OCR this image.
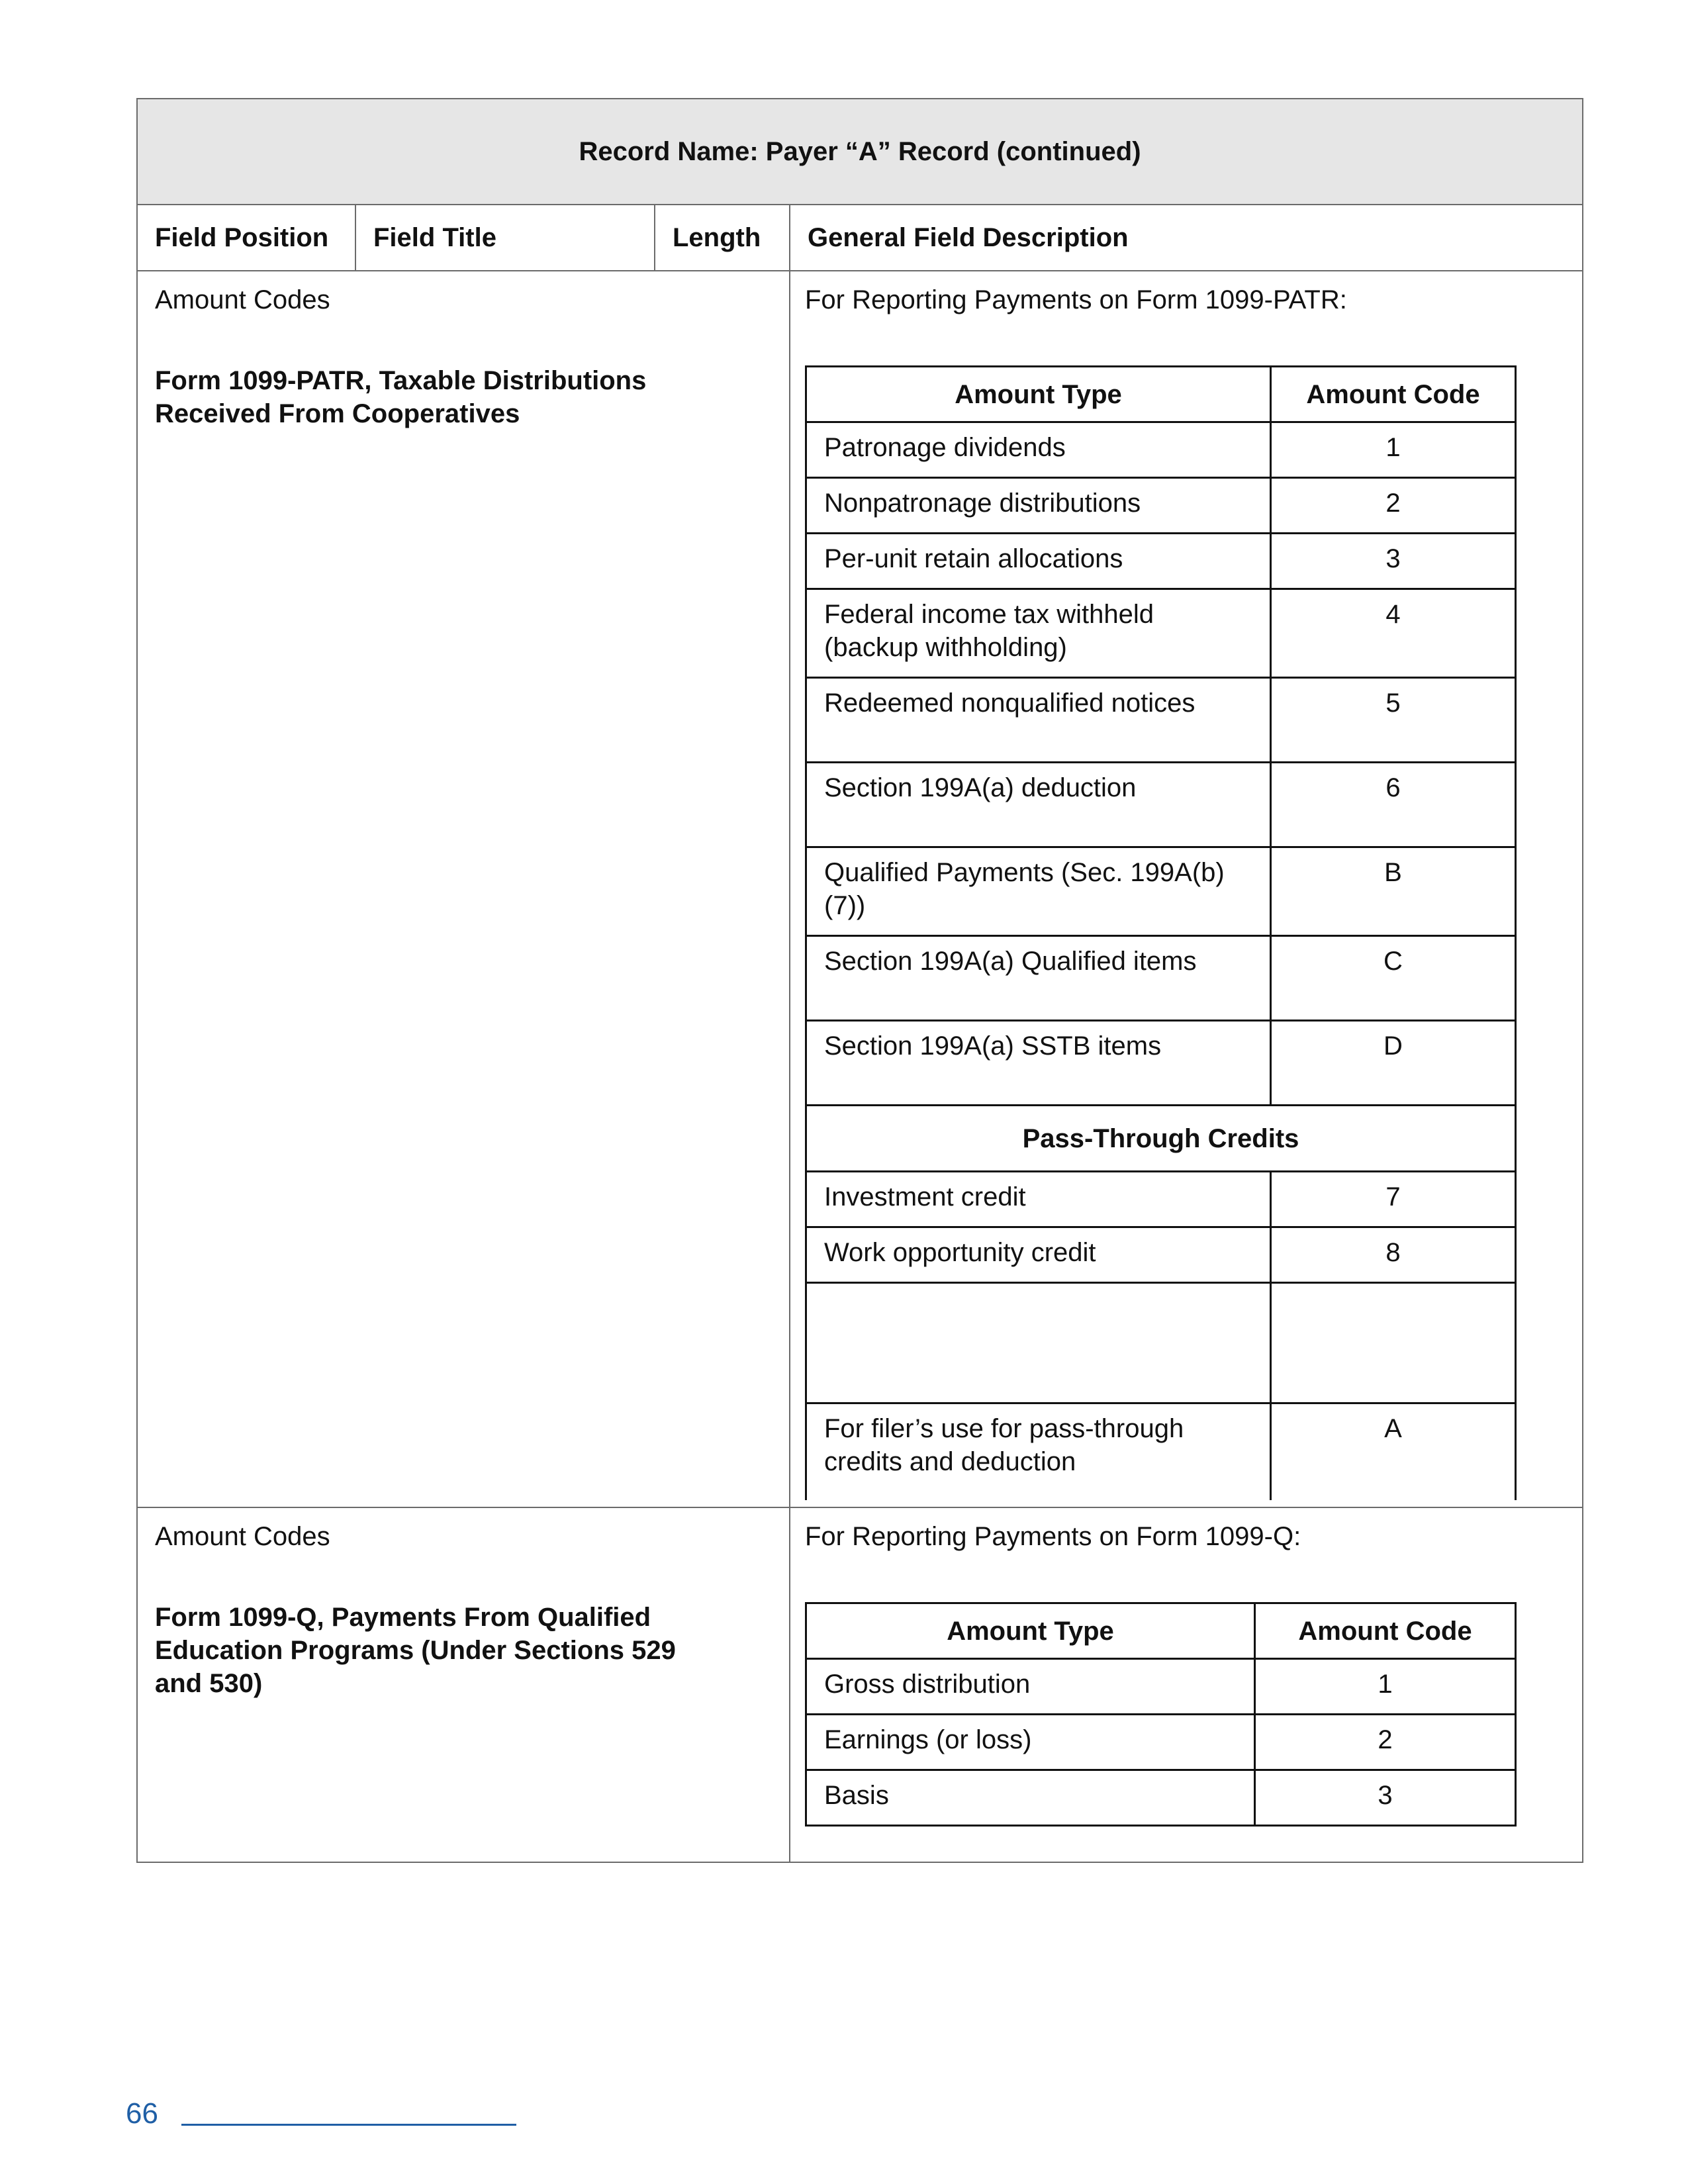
Record Name: Payer “A” Record (continued)
Field Position	Field Title	Length	General Field Description

Amount Codes
Form 1099-PATR, Taxable Distributions Received From Cooperatives

For Reporting Payments on Form 1099-PATR:
Amount Type	Amount Code
Patronage dividends	1
Nonpatronage distributions	2
Per-unit retain allocations	3
Federal income tax withheld (backup withholding)	4
Redeemed nonqualified notices	5
Section 199A(a) deduction	6
Qualified Payments (Sec. 199A(b)(7))	B
Section 199A(a) Qualified items	C
Section 199A(a) SSTB items	D
Pass-Through Credits
Investment credit	7
Work opportunity credit	8

For filer’s use for pass-through credits and deduction	A

Amount Codes
Form 1099-Q, Payments From Qualified Education Programs (Under Sections 529 and 530)

For Reporting Payments on Form 1099-Q:
Amount Type	Amount Code
Gross distribution	1
Earnings (or loss)	2
Basis	3
66
